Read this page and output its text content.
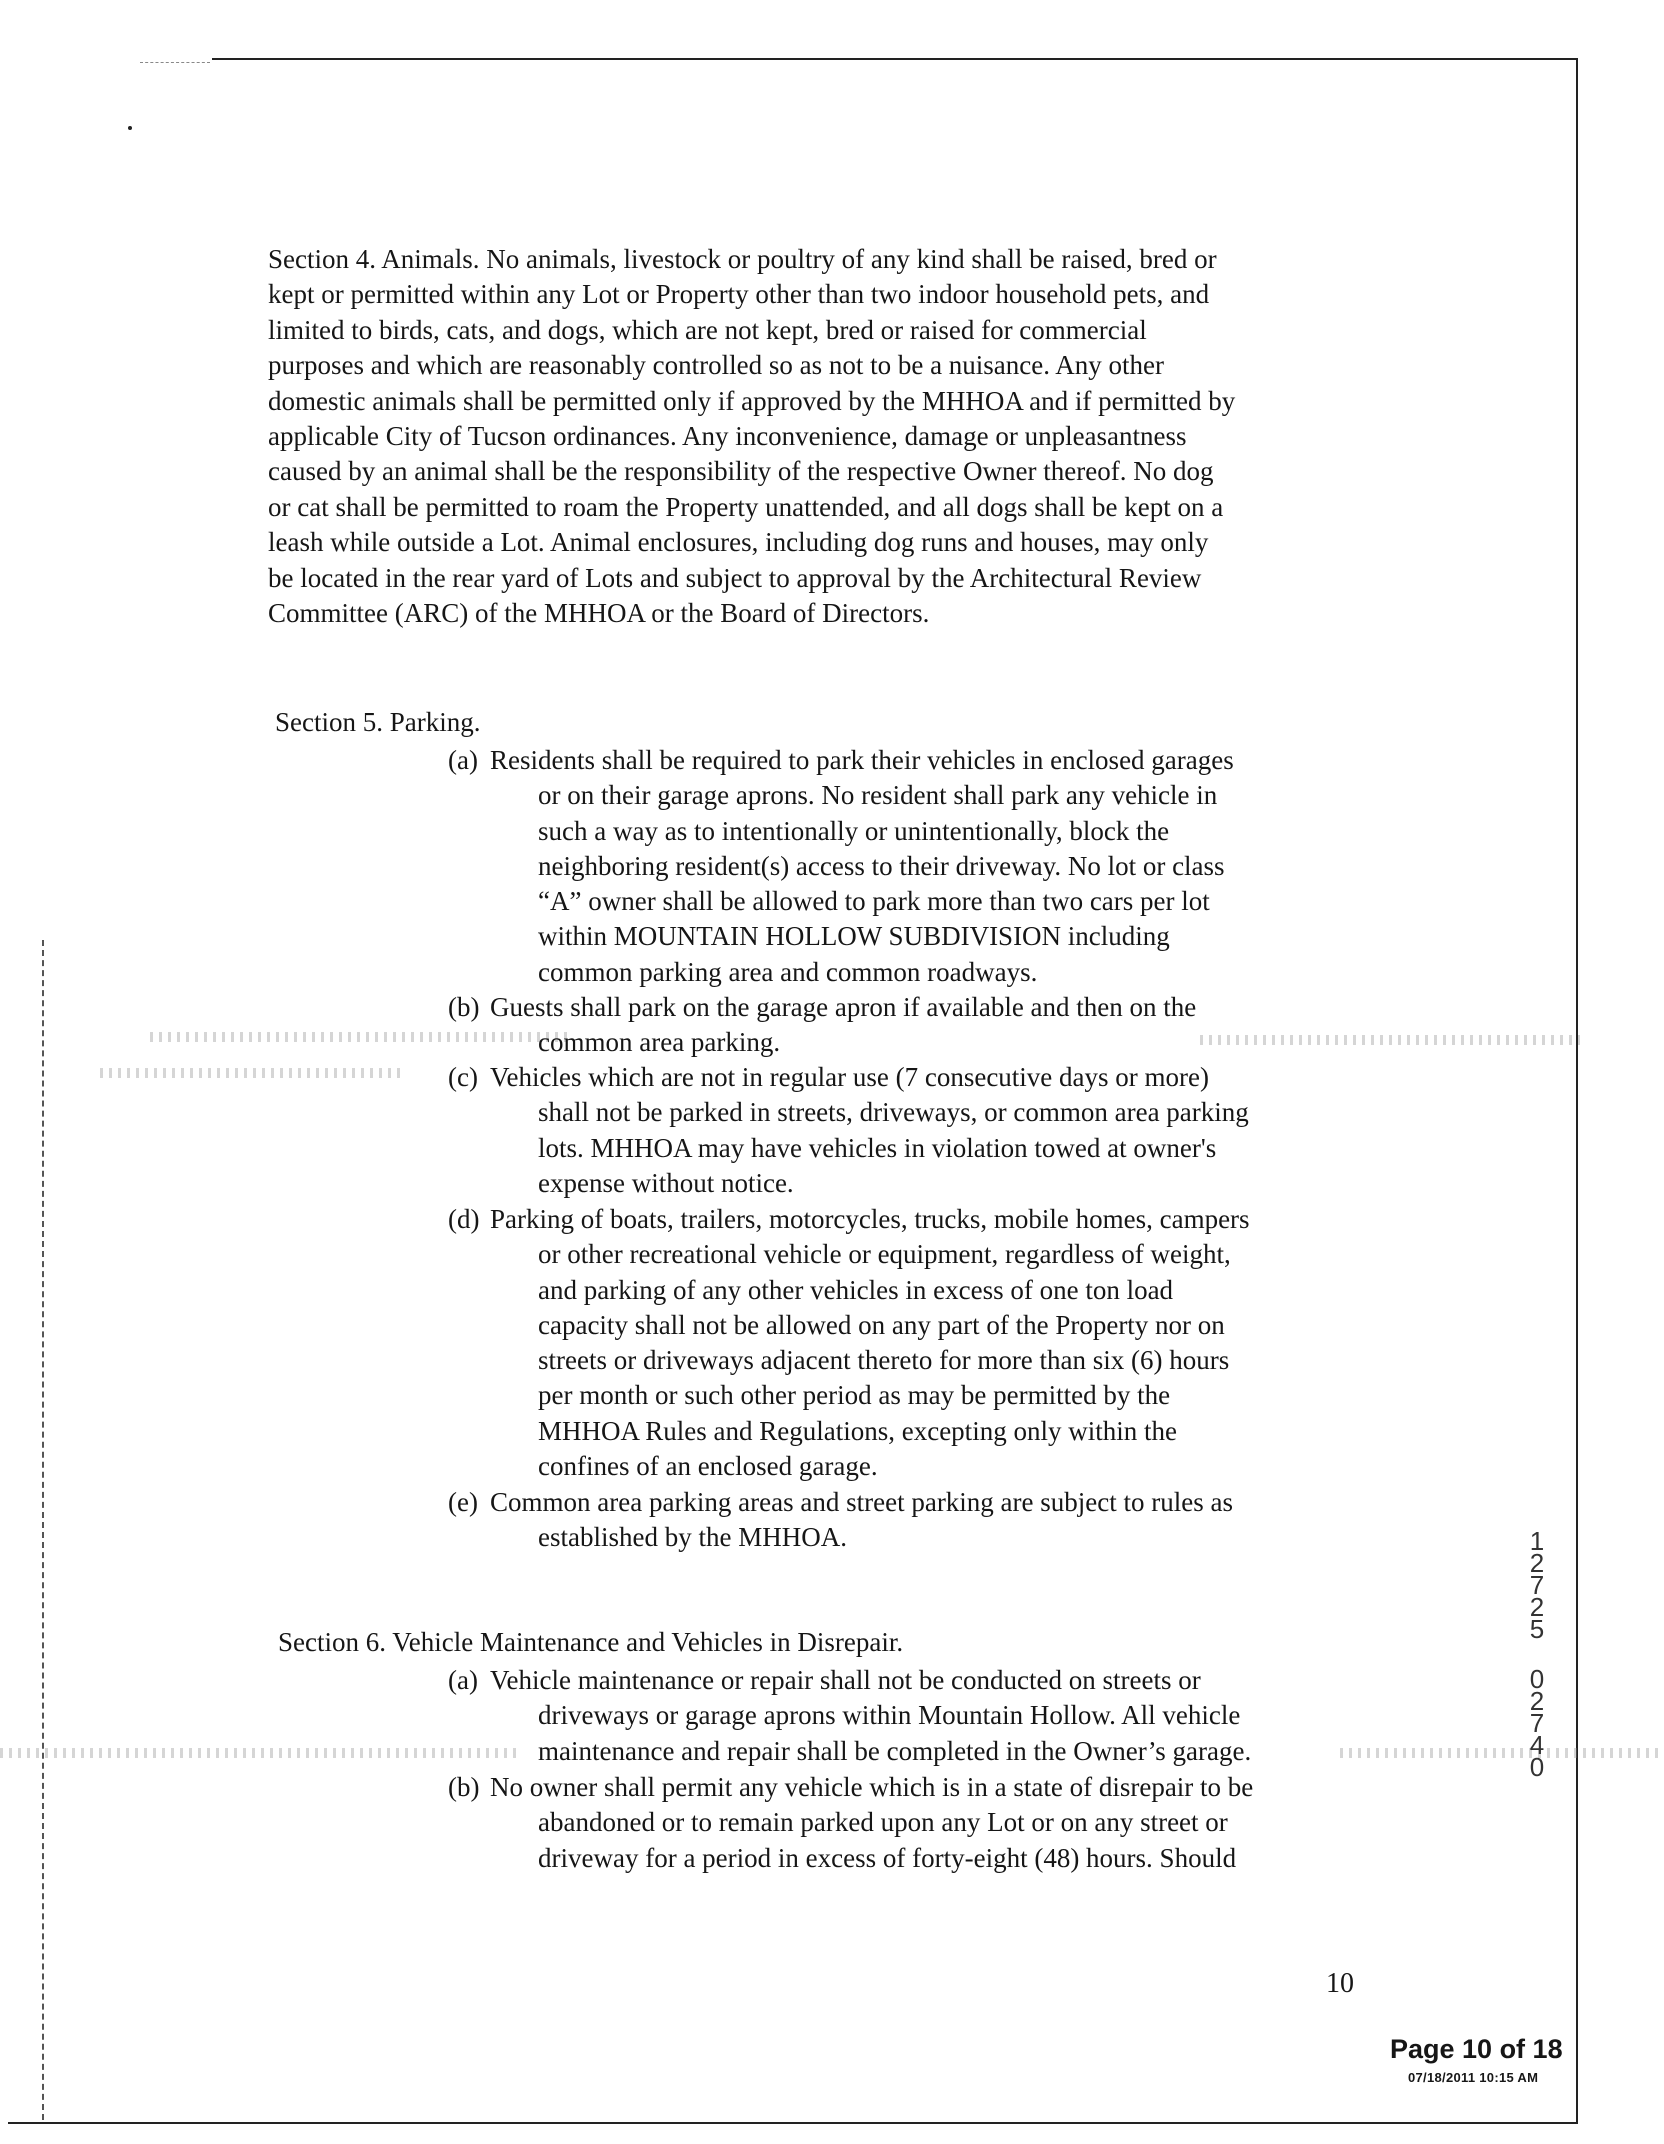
Section 4. Animals. No animals, livestock or poultry of any kind shall be raised, bred or
kept or permitted within any Lot or Property other than two indoor household pets, and
limited to birds, cats, and dogs, which are not kept, bred or raised for commercial
purposes and which are reasonably controlled so as not to be a nuisance. Any other
domestic animals shall be permitted only if approved by the MHHOA and if permitted by
applicable City of Tucson ordinances. Any inconvenience, damage or unpleasantness
caused by an animal shall be the responsibility of the respective Owner thereof. No dog
or cat shall be permitted to roam the Property unattended, and all dogs shall be kept on a
leash while outside a Lot. Animal enclosures, including dog runs and houses, may only
be located in the rear yard of Lots and subject to approval by the Architectural Review
Committee (ARC) of the MHHOA or the Board of Directors.
Section 5. Parking.
(a) Residents shall be required to park their vehicles in enclosed garages
or on their garage aprons. No resident shall park any vehicle in
such a way as to intentionally or unintentionally, block the
neighboring resident(s) access to their driveway. No lot or class
“A” owner shall be allowed to park more than two cars per lot
within MOUNTAIN HOLLOW SUBDIVISION including
common parking area and common roadways.
(b) Guests shall park on the garage apron if available and then on the
common area parking.
(c) Vehicles which are not in regular use (7 consecutive days or more)
shall not be parked in streets, driveways, or common area parking
lots. MHHOA may have vehicles in violation towed at owner's
expense without notice.
(d) Parking of boats, trailers, motorcycles, trucks, mobile homes, campers
or other recreational vehicle or equipment, regardless of weight,
and parking of any other vehicles in excess of one ton load
capacity shall not be allowed on any part of the Property nor on
streets or driveways adjacent thereto for more than six (6) hours
per month or such other period as may be permitted by the
MHHOA Rules and Regulations, excepting only within the
confines of an enclosed garage.
(e) Common area parking areas and street parking are subject to rules as
established by the MHHOA.
Section 6. Vehicle Maintenance and Vehicles in Disrepair.
(a) Vehicle maintenance or repair shall not be conducted on streets or
driveways or garage aprons within Mountain Hollow. All vehicle
maintenance and repair shall be completed in the Owner’s garage.
(b) No owner shall permit any vehicle which is in a state of disrepair to be
abandoned or to remain parked upon any Lot or on any street or
driveway for a period in excess of forty-eight (48) hours. Should
1
2
7
2
5
0
2
7
4
0
10
Page 10 of 18
07/18/2011 10:15 AM
